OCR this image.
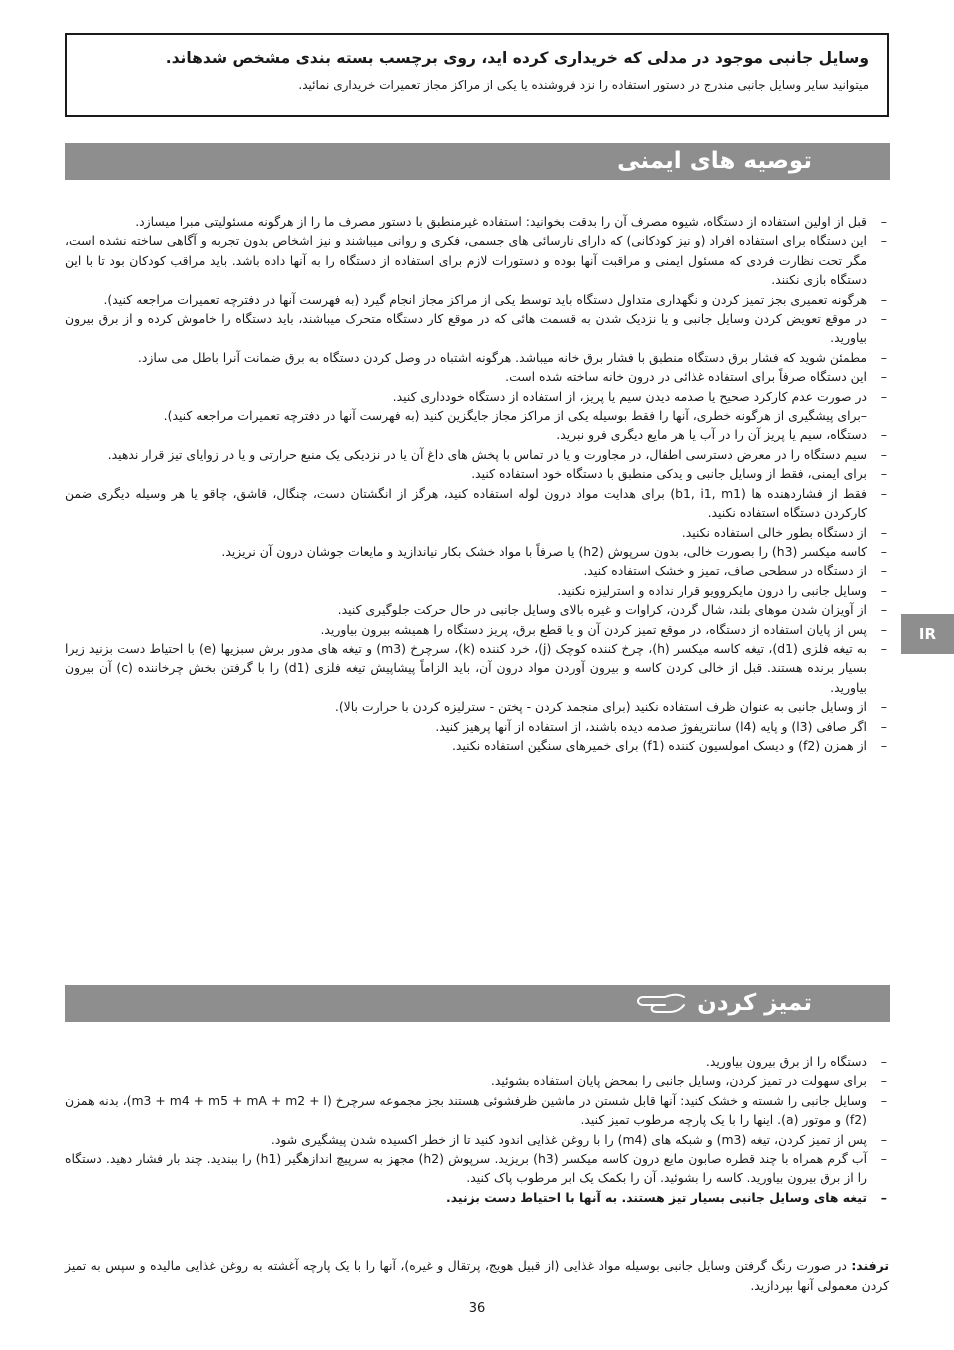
وسایل جانبی موجود در مدلی که خریداری کرده اید، روی برچسب بسته بندی مشخص شدهاند.
میتوانید سایر وسایل جانبی مندرج در دستور استفاده را نزد فروشنده یا یکی از مراکز مجاز تعمیرات خریداری نمائید.
توصیه های ایمنی
–
قبل از اولین استفاده از دستگاه، شیوه مصرف آن را بدقت بخوانید: استفاده غیرمنطبق با دستور مصرف ما را از هرگونه مسئولیتی مبرا میسازد.
–
این دستگاه برای استفاده افراد (و نیز کودکانی) که دارای نارسائی های جسمی، فکری و روانی میباشند و نیز اشخاص بدون تجربه و آگاهی ساخته نشده است، مگر تحت نظارت فردی که مسئول ایمنی و مراقبت آنها بوده و دستورات لازم برای استفاده از دستگاه را به آنها داده باشد. باید مراقب کودکان بود تا با این دستگاه بازی نکنند.
–
هرگونه تعمیری بجز تمیز کردن و نگهداری متداول دستگاه باید توسط یکی از مراکز مجاز انجام گیرد (به فهرست آنها در دفترچه تعمیرات مراجعه کنید).
–
در موقع تعویض کردن وسایل جانبی و یا نزدیک شدن به قسمت هائی که در موقع کار دستگاه متحرک میباشند، باید دستگاه را خاموش کرده و از برق بیرون بیاورید.
–
مطمئن شوید که فشار برق دستگاه منطبق با فشار برق خانه میباشد. هرگونه اشتباه در وصل کردن دستگاه به برق ضمانت آنرا باطل می سازد.
–
این دستگاه صرفاً برای استفاده غذائی در درون خانه ساخته شده است.
–
در صورت عدم کارکرد صحیح یا صدمه دیدن سیم یا پریز، از استفاده از دستگاه خودداری کنید.
–برای پیشگیری از هرگونه خطری، آنها را فقط بوسیله یکی از مراکز مجاز جایگزین کنید (به فهرست آنها در دفترچه تعمیرات مراجعه کنید).
–
دستگاه، سیم یا پریز آن را در آب یا هر مایع دیگری فرو نبرید.
–
سیم دستگاه را در معرض دسترسی اطفال، در مجاورت و یا در تماس با پخش های داغ آن یا در نزدیکی یک منبع حرارتی و یا در زوایای تیز قرار ندهید.
–
برای ایمنی، فقط از وسایل جانبی و یدکی منطبق با دستگاه خود استفاده کنید.
–
فقط از فشاردهنده ها (b1, i1, m1) برای هدایت مواد درون لوله استفاده کنید، هرگز از انگشتان دست، چنگال، قاشق، چاقو یا هر وسیله دیگری ضمن کارکردن دستگاه استفاده نکنید.
–
از دستگاه بطور خالی استفاده نکنید.
–
کاسه میکسر (h3) را بصورت خالی، بدون سرپوش (h2) یا صرفاً با مواد خشک بکار نیاندازید و مایعات جوشان درون آن نریزید.
–
از دستگاه در سطحی صاف، تمیز و خشک استفاده کنید.
–
وسایل جانبی را درون مایکروویو قرار نداده و استرلیزه نکنید.
–
از آویزان شدن موهای بلند، شال گردن، کراوات و غیره بالای وسایل جانبی در حال حرکت جلوگیری کنید.
–
پس از پایان استفاده از دستگاه، در موقع تمیز کردن آن و یا قطع برق، پریز دستگاه را همیشه بیرون بیاورید.
–
به تیغه فلزی (d1)، تیغه کاسه میکسر (h)، چرخ کننده کوچک (j)، خرد کننده (k)، سرچرخ (m3) و تیغه های مدور برش سبزیها (e) با احتیاط دست بزنید زیرا بسیار برنده هستند. قبل از خالی کردن کاسه و بیرون آوردن مواد درون آن، باید الزاماً پیشاپیش تیغه فلزی (d1) را با گرفتن بخش چرخاننده (c) آن بیرون بیاورید.
–
از وسایل جانبی به عنوان ظرف استفاده نکنید (برای منجمد کردن - پختن - سترلیزه کردن با حرارت بالا).
–
اگر صافی (l3) و پایه (l4) سانتریفوژ صدمه دیده باشند، از استفاده از آنها پرهیز کنید.
–
از همزن (f2) و دیسک امولسیون کننده (f1) برای خمیرهای سنگین استفاده نکنید.
تمیز کردن
–
دستگاه را از برق بیرون بیاورید.
–
برای سهولت در تمیز کردن، وسایل جانبی را بمحض پایان استفاده بشوئید.
–
وسایل جانبی را شسته و خشک کنید: آنها قابل شستن در ماشین ظرفشوئی هستند بجز مجموعه سرچرخ (m3 + m4 + m5 + mA + m2 + l)، بدنه همزن (f2) و موتور (a). اینها را با یک پارچه مرطوب تمیز کنید.
–
پس از تمیز کردن، تیغه (m3) و شبکه های (m4) را با روغن غذایی اندود کنید تا از خطر اکسیده شدن پیشگیری شود.
–
آب گرم همراه با چند قطره صابون مایع درون کاسه میکسر (h3) بریزید. سرپوش (h2) مجهز به سرپیچ اندازهگیر (h1) را ببندید. چند بار فشار دهید. دستگاه را از برق بیرون بیاورید. کاسه را بشوئید. آن را بکمک یک ابر مرطوب پاک کنید.
–
تیغه های وسایل جانبی بسیار تیز هستند. به آنها با احتیاط دست بزنید.
ترفند: در صورت رنگ گرفتن وسایل جانبی بوسیله مواد غذایی (از قبیل هویج، پرتقال و غیره)، آنها را با یک پارچه آغشته به روغن غذایی مالیده و سپس به تمیز کردن معمولی آنها بپردازید.
36
IR
